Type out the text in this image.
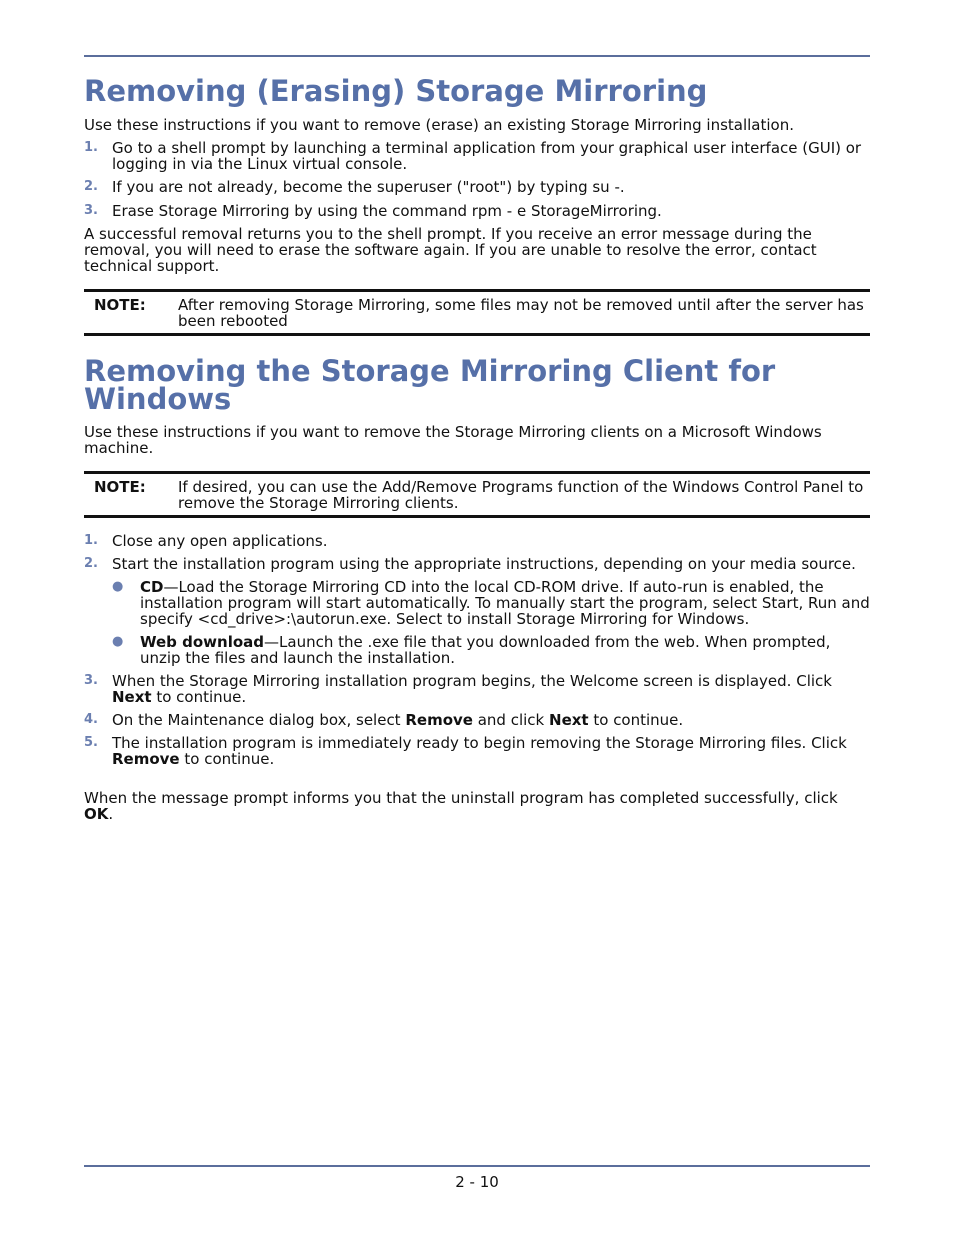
Removing (Erasing) Storage Mirroring

Use these instructions if you want to remove (erase) an existing Storage Mirroring installation.

1. Go to a shell prompt by launching a terminal application from your graphical user interface (GUI) or logging in via the Linux virtual console.
2. If you are not already, become the superuser ("root") by typing su -.
3. Erase Storage Mirroring by using the command rpm - e StorageMirroring.

A successful removal returns you to the shell prompt. If you receive an error message during the removal, you will need to erase the software again. If you are unable to resolve the error, contact technical support.

NOTE: After removing Storage Mirroring, some files may not be removed until after the server has been rebooted
Removing the Storage Mirroring Client for Windows

Use these instructions if you want to remove the Storage Mirroring clients on a Microsoft Windows machine.

NOTE: If desired, you can use the Add/Remove Programs function of the Windows Control Panel to remove the Storage Mirroring clients.
1. Close any open applications.
2. Start the installation program using the appropriate instructions, depending on your media source.
● CD—Load the Storage Mirroring CD into the local CD-ROM drive. If auto-run is enabled, the installation program will start automatically. To manually start the program, select Start, Run and specify <cd_drive>:\autorun.exe. Select to install Storage Mirroring for Windows.
● Web download—Launch the .exe file that you downloaded from the web. When prompted, unzip the files and launch the installation.
3. When the Storage Mirroring installation program begins, the Welcome screen is displayed. Click Next to continue.
4. On the Maintenance dialog box, select Remove and click Next to continue.
5. The installation program is immediately ready to begin removing the Storage Mirroring files. Click Remove to continue.

When the message prompt informs you that the uninstall program has completed successfully, click OK.

2 - 10
